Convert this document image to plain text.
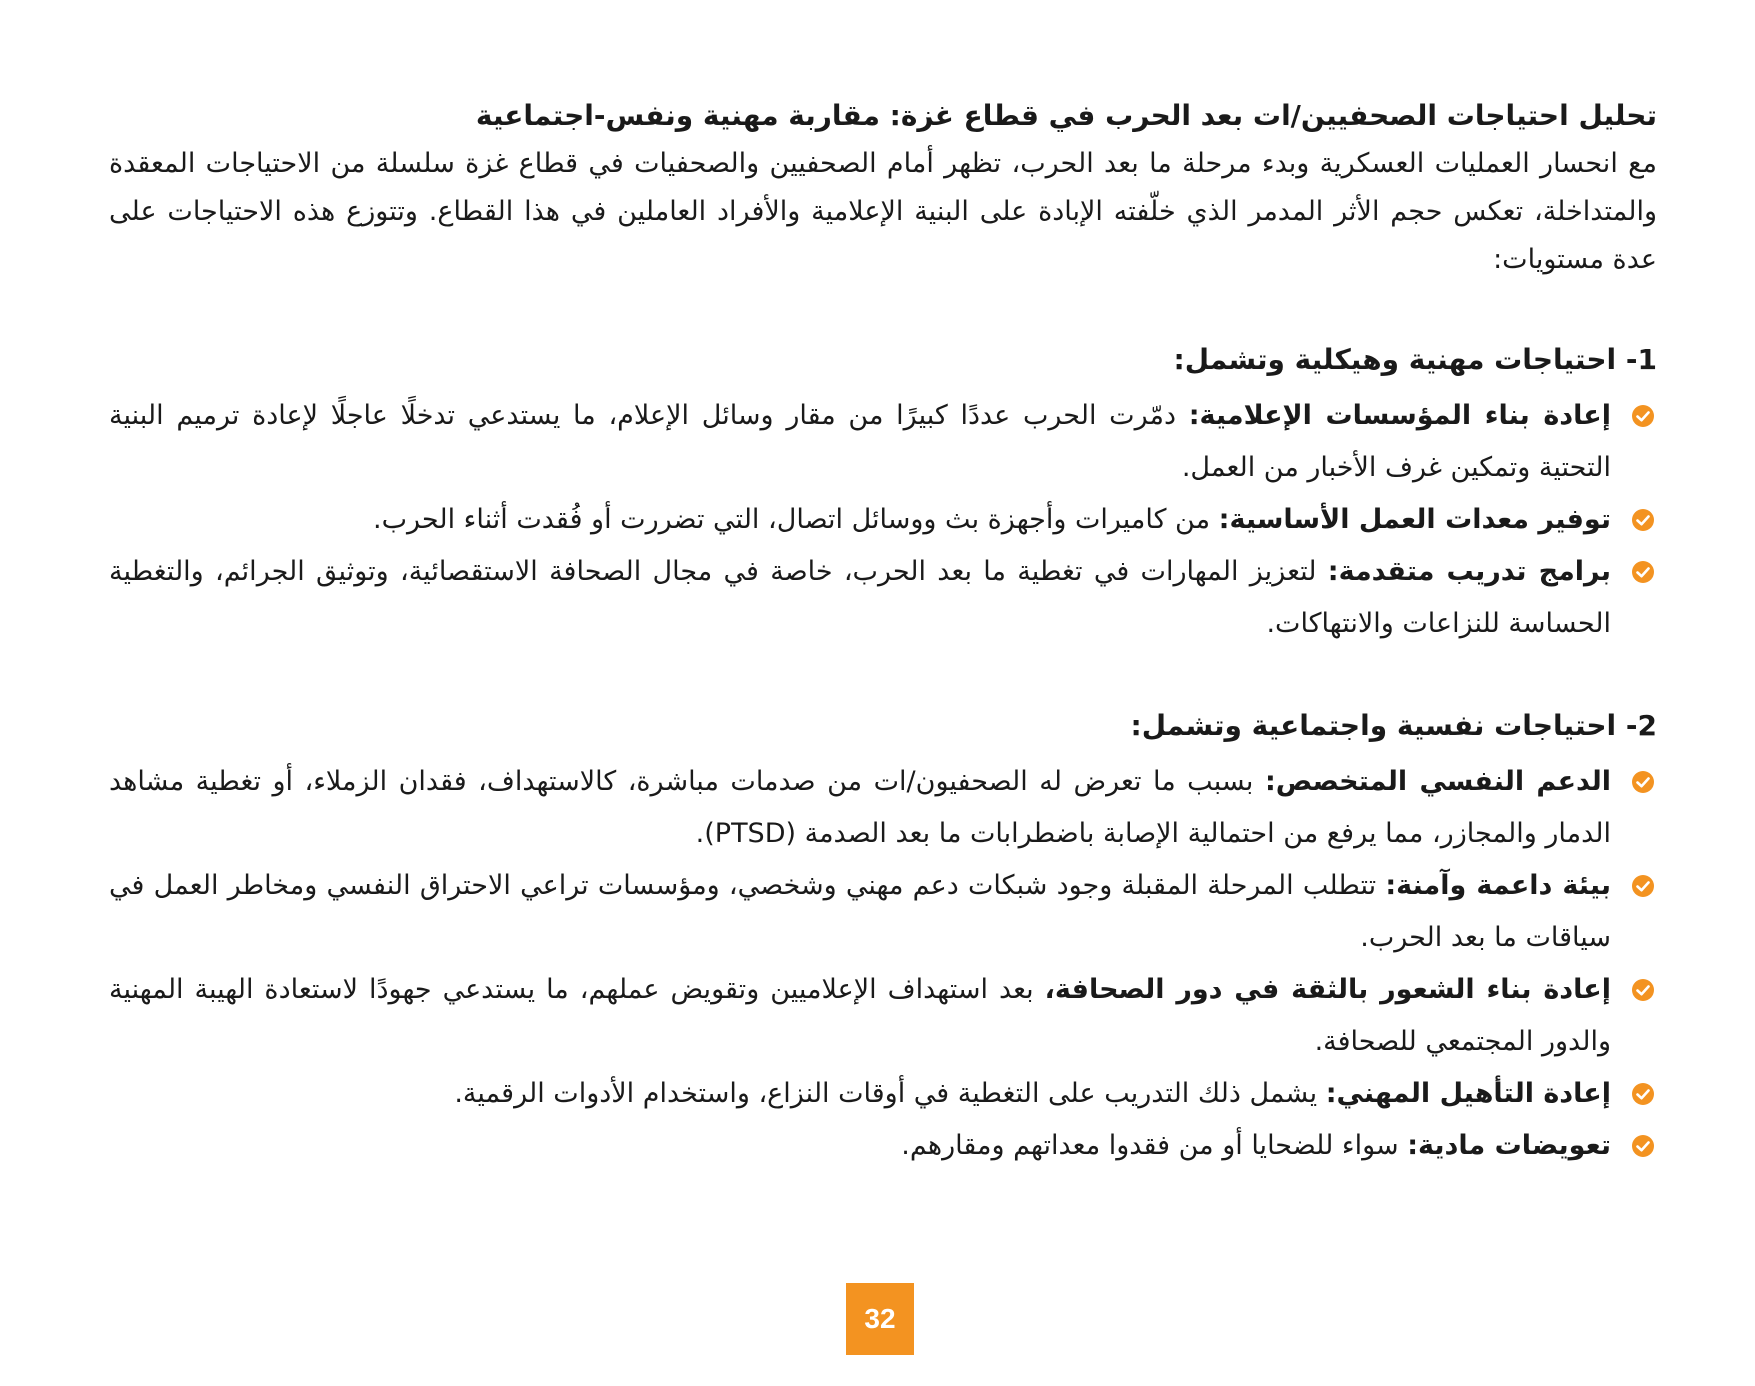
تحليل احتياجات الصحفيين/ات بعد الحرب في قطاع غزة: مقاربة مهنية ونفس-اجتماعية

مع انحسار العمليات العسكرية وبدء مرحلة ما بعد الحرب، تظهر أمام الصحفيين والصحفيات في قطاع غزة سلسلة من الاحتياجات المعقدة والمتداخلة، تعكس حجم الأثر المدمر الذي خلّفته الإبادة على البنية الإعلامية والأفراد العاملين في هذا القطاع. وتتوزع هذه الاحتياجات على عدة مستويات:

1- احتياجات مهنية وهيكلية وتشمل:
إعادة بناء المؤسسات الإعلامية: دمّرت الحرب عددًا كبيرًا من مقار وسائل الإعلام، ما يستدعي تدخلًا عاجلًا لإعادة ترميم البنية التحتية وتمكين غرف الأخبار من العمل.
توفير معدات العمل الأساسية: من كاميرات وأجهزة بث ووسائل اتصال، التي تضررت أو فُقدت أثناء الحرب.
برامج تدريب متقدمة: لتعزيز المهارات في تغطية ما بعد الحرب، خاصة في مجال الصحافة الاستقصائية، وتوثيق الجرائم، والتغطية الحساسة للنزاعات والانتهاكات.
2- احتياجات نفسية واجتماعية وتشمل:
الدعم النفسي المتخصص: بسبب ما تعرض له الصحفيون/ات من صدمات مباشرة، كالاستهداف، فقدان الزملاء، أو تغطية مشاهد الدمار والمجازر، مما يرفع من احتمالية الإصابة باضطرابات ما بعد الصدمة (PTSD).
بيئة داعمة وآمنة: تتطلب المرحلة المقبلة وجود شبكات دعم مهني وشخصي، ومؤسسات تراعي الاحتراق النفسي ومخاطر العمل في سياقات ما بعد الحرب.
إعادة بناء الشعور بالثقة في دور الصحافة، بعد استهداف الإعلاميين وتقويض عملهم، ما يستدعي جهودًا لاستعادة الهيبة المهنية والدور المجتمعي للصحافة.
إعادة التأهيل المهني: يشمل ذلك التدريب على التغطية في أوقات النزاع، واستخدام الأدوات الرقمية.
تعويضات مادية: سواء للضحايا أو من فقدوا معداتهم ومقارهم.
32
